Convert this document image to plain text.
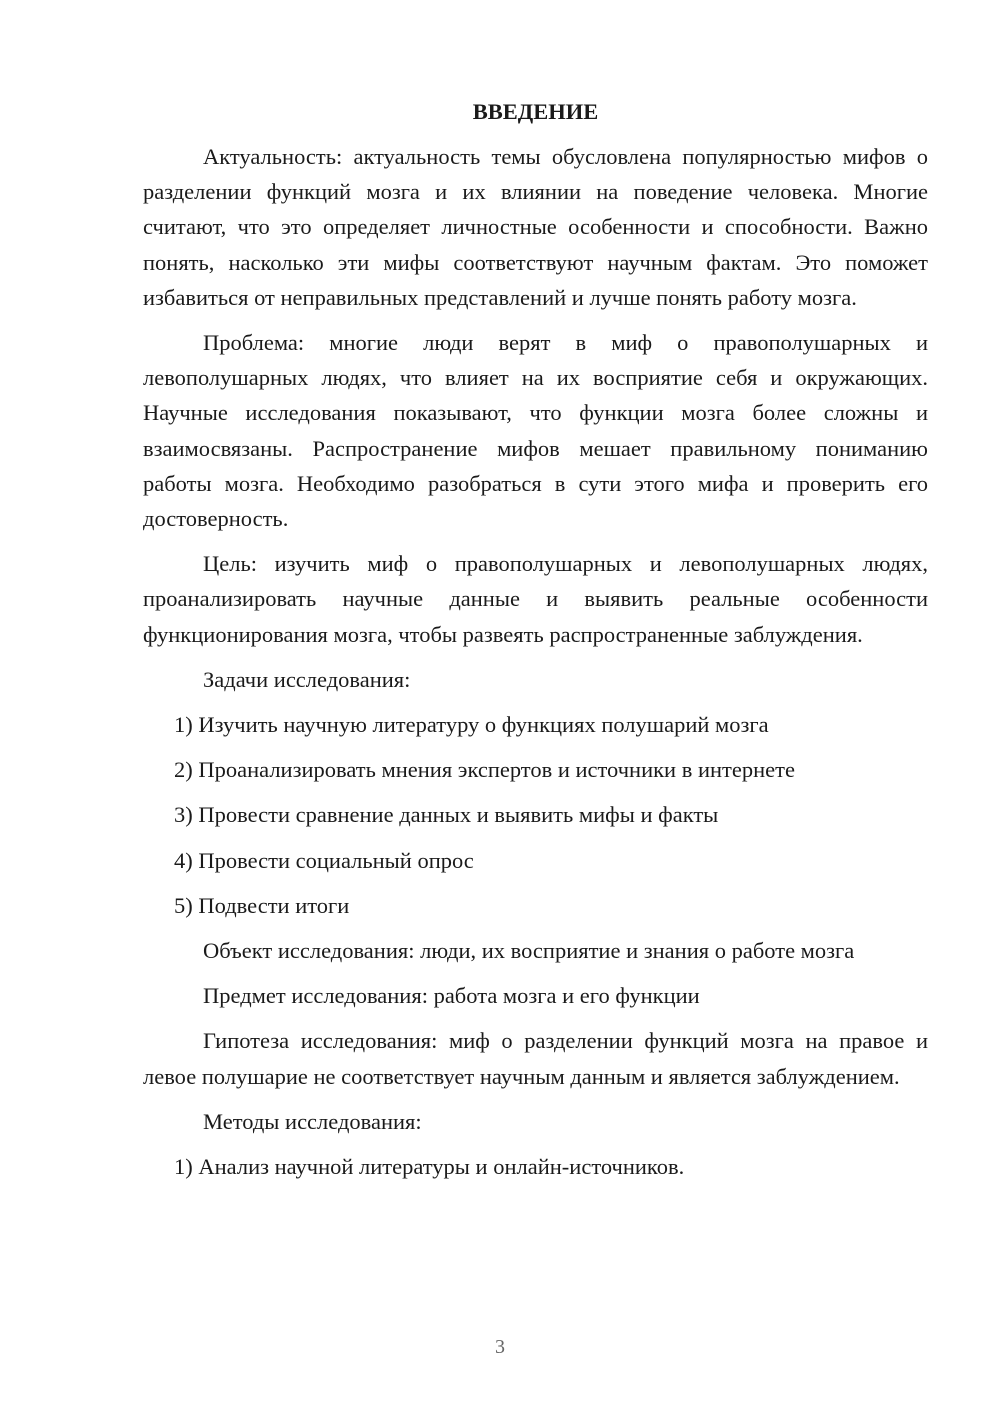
ВВЕДЕНИЕ

Актуальность: актуальность темы обусловлена популярностью мифов о разделении функций мозга и их влиянии на поведение человека. Многие считают, что это определяет личностные особенности и способности. Важно понять, насколько эти мифы соответствуют научным фактам. Это поможет избавиться от неправильных представлений и лучше понять работу мозга.

Проблема: многие люди верят в миф о правополушарных и левополушарных людях, что влияет на их восприятие себя и окружающих. Научные исследования показывают, что функции мозга более сложны и взаимосвязаны. Распространение мифов мешает правильному пониманию работы мозга. Необходимо разобраться в сути этого мифа и проверить его достоверность.

Цель: изучить миф о правополушарных и левополушарных людях, проанализировать научные данные и выявить реальные особенности функционирования мозга, чтобы развеять распространенные заблуждения.

Задачи исследования:
1) Изучить научную литературу о функциях полушарий мозга
2) Проанализировать мнения экспертов и источники в интернете
3) Провести сравнение данных и выявить мифы и факты
4) Провести социальный опрос
5) Подвести итоги
Объект исследования: люди, их восприятие и знания о работе мозга
Предмет исследования: работа мозга и его функции

Гипотеза исследования: миф о разделении функций мозга на правое и левое полушарие не соответствует научным данным и является заблуждением.

Методы исследования:
1) Анализ научной литературы и онлайн-источников.
3
